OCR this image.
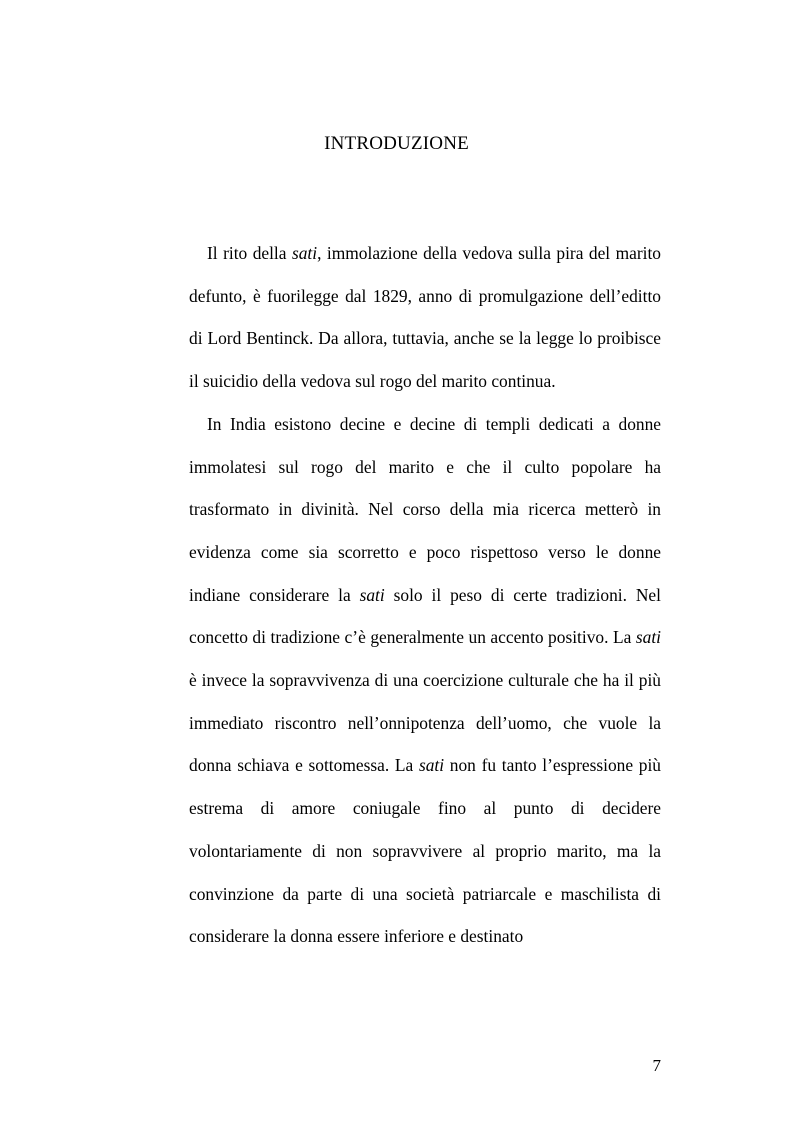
INTRODUZIONE

Il rito della sati, immolazione della vedova sulla pira del marito defunto, è fuorilegge dal 1829, anno di promulgazione dell’editto di Lord Bentinck. Da allora, tuttavia, anche se la legge lo proibisce il suicidio della vedova sul rogo del marito continua.

In India esistono decine e decine di templi dedicati a donne immolatesi sul rogo del marito e che il culto popolare ha trasformato in divinità. Nel corso della mia ricerca metterò in evidenza come sia scorretto e poco rispettoso verso le donne indiane considerare la sati solo il peso di certe tradizioni. Nel concetto di tradizione c’è generalmente un accento positivo. La sati è invece la sopravvivenza di una coercizione culturale che ha il più immediato riscontro nell’onnipotenza dell’uomo, che vuole la donna schiava e sottomessa. La sati non fu tanto l’espressione più estrema di amore coniugale fino al punto di decidere volontariamente di non sopravvivere al proprio marito, ma la convinzione da parte di una società patriarcale e maschilista di considerare la donna essere inferiore e destinato

7
